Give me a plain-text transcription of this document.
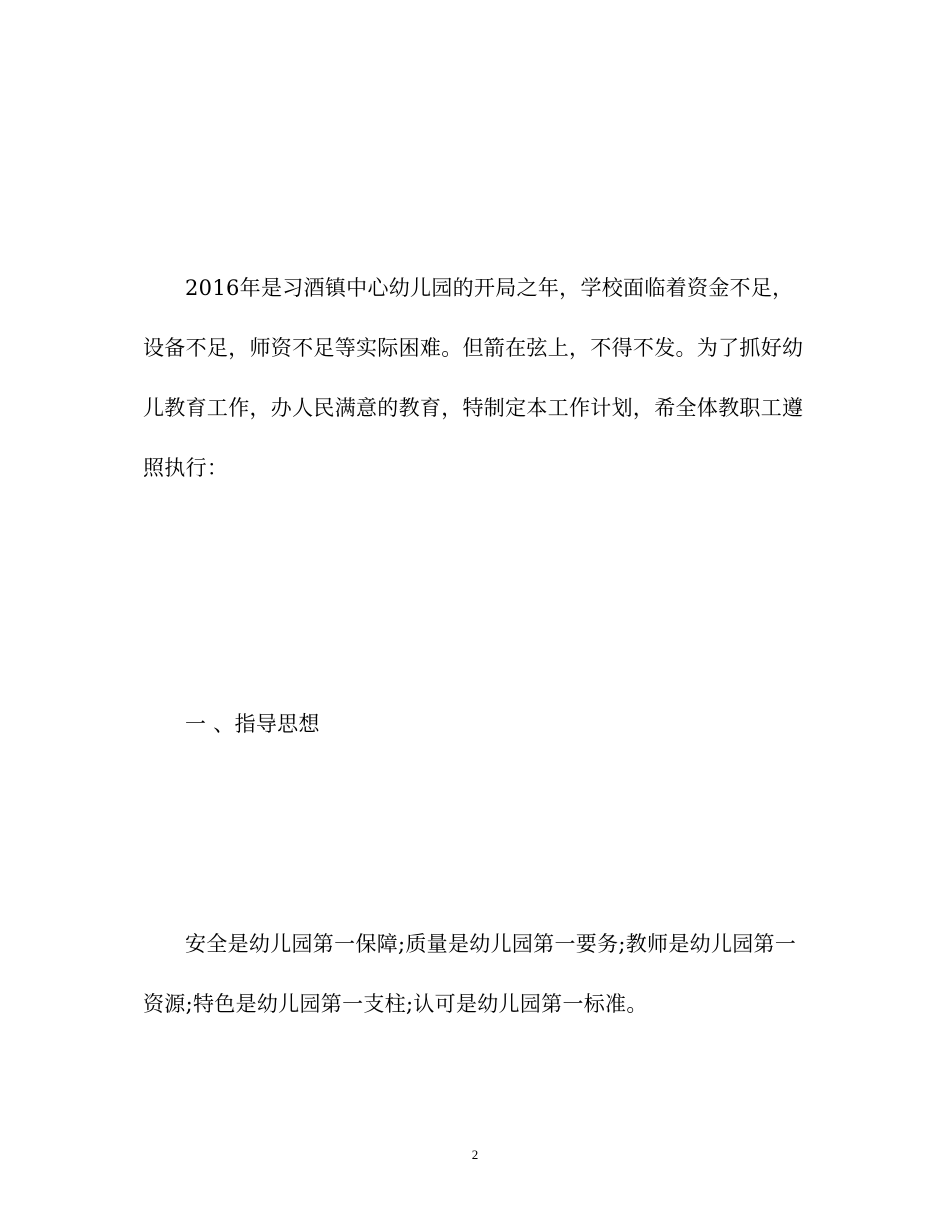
2016年是习酒镇中心幼儿园的开局之年，学校面临着资金不足，设备不足，师资不足等实际困难。但箭在弦上，不得不发。为了抓好幼儿教育工作，办人民满意的教育，特制定本工作计划，希全体教职工遵照执行：

一 、指导思想

安全是幼儿园第一保障;质量是幼儿园第一要务;教师是幼儿园第一资源;特色是幼儿园第一支柱;认可是幼儿园第一标准。

2
